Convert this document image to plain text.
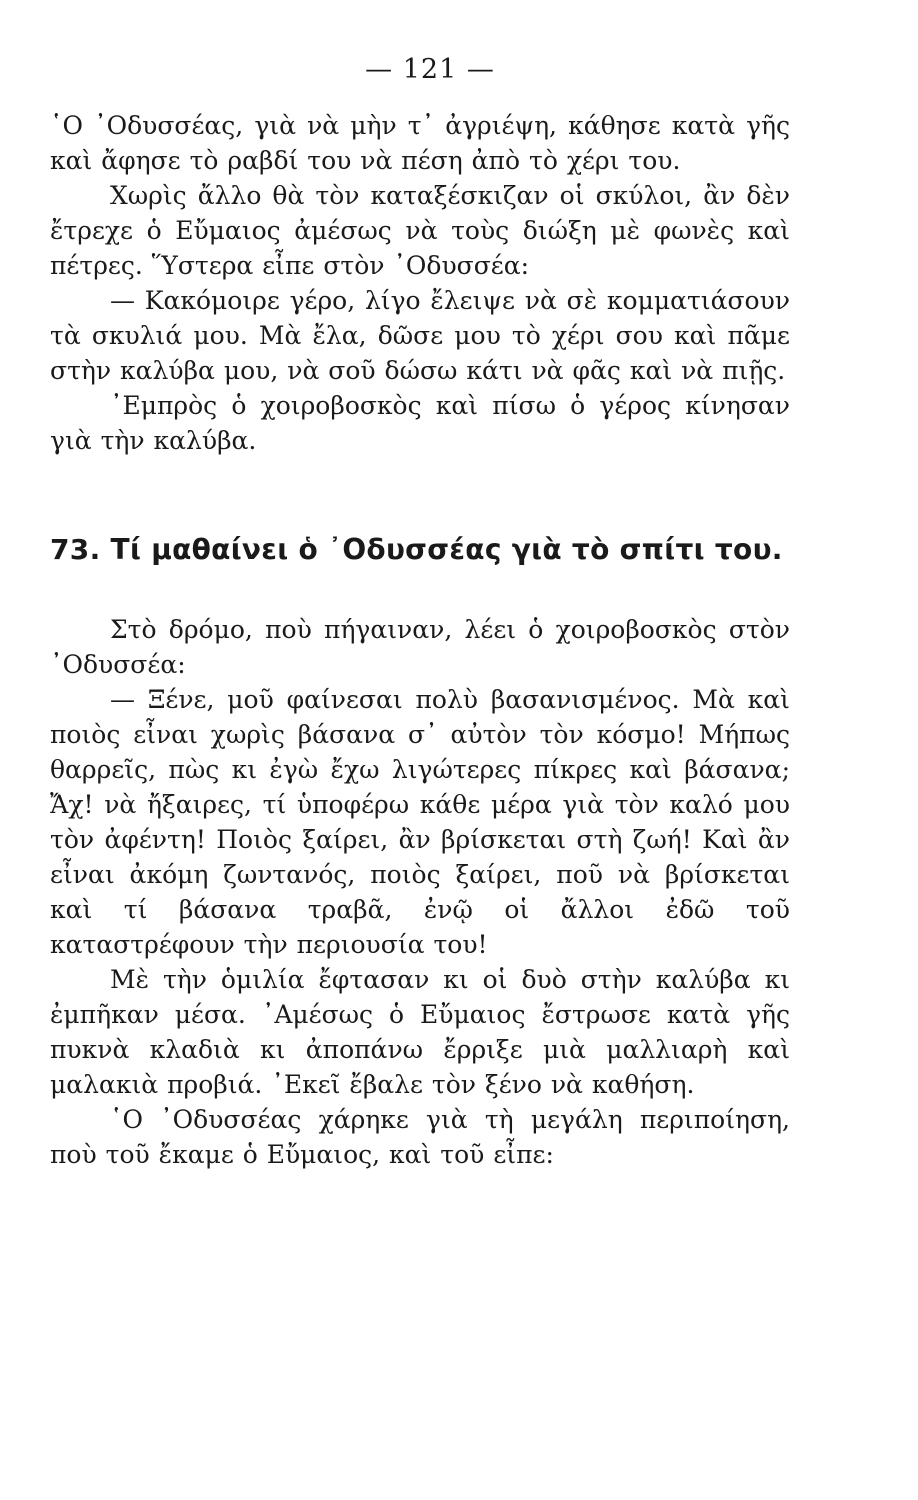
— 121 —

῾Ο ᾿Οδυσσέας, γιὰ νὰ μὴν τ᾿ ἀγριέψη, κάθησε κατὰ γῆς καὶ ἄφησε τὸ ραβδί του νὰ πέση ἀπὸ τὸ χέρι του.

Χωρὶς ἄλλο θὰ τὸν καταξέσκιζαν οἱ σκύλοι, ἂν δὲν ἔτρεχε ὁ Εὔμαιος ἀμέσως νὰ τοὺς διώξη μὲ φωνὲς καὶ πέτρες. Ὕστερα εἶπε στὸν ᾿Οδυσσέα:

— Κακόμοιρε γέρο, λίγο ἔλειψε νὰ σὲ κομματιάσουν τὰ σκυλιά μου. Μὰ ἔλα, δῶσε μου τὸ χέρι σου καὶ πᾶμε στὴν καλύβα μου, νὰ σοῦ δώσω κάτι νὰ φᾶς καὶ νὰ πιῇς.

᾿Εμπρὸς ὁ χοιροβοσκὸς καὶ πίσω ὁ γέρος κίνησαν γιὰ τὴν καλύβα.

73. Τί μαθαίνει ὁ ᾿Οδυσσέας γιὰ τὸ σπίτι του.

Στὸ δρόμο, ποὺ πήγαιναν, λέει ὁ χοιροβοσκὸς στὸν ᾿Οδυσσέα:

— Ξένε, μοῦ φαίνεσαι πολὺ βασανισμένος. Μὰ καὶ ποιὸς εἶναι χωρὶς βάσανα σ᾿ αὐτὸν τὸν κόσμο! Μήπως θαρρεῖς, πὼς κι ἐγὼ ἔχω λιγώτερες πίκρες καὶ βάσανα; Ἄχ! νὰ ἤξαιρες, τί ὑποφέρω κάθε μέρα γιὰ τὸν καλό μου τὸν ἀφέντη! Ποιὸς ξαίρει, ἂν βρίσκεται στὴ ζωή! Καὶ ἂν εἶναι ἀκόμη ζωντανός, ποιὸς ξαίρει, ποῦ νὰ βρίσκεται καὶ τί βάσανα τραβᾶ, ἐνῷ οἱ ἄλλοι ἐδῶ τοῦ καταστρέφουν τὴν περιουσία του!

Μὲ τὴν ὁμιλία ἔφτασαν κι οἱ δυὸ στὴν καλύβα κι ἐμπῆκαν μέσα. ᾿Αμέσως ὁ Εὔμαιος ἔστρωσε κατὰ γῆς πυκνὰ κλαδιὰ κι ἀποπάνω ἔρριξε μιὰ μαλλιαρὴ καὶ μαλακιὰ προβιά. ᾿Εκεῖ ἔβαλε τὸν ξένο νὰ καθήση.

῾Ο ᾿Οδυσσέας χάρηκε γιὰ τὴ μεγάλη περιποίηση, ποὺ τοῦ ἔκαμε ὁ Εὔμαιος, καὶ τοῦ εἶπε:
